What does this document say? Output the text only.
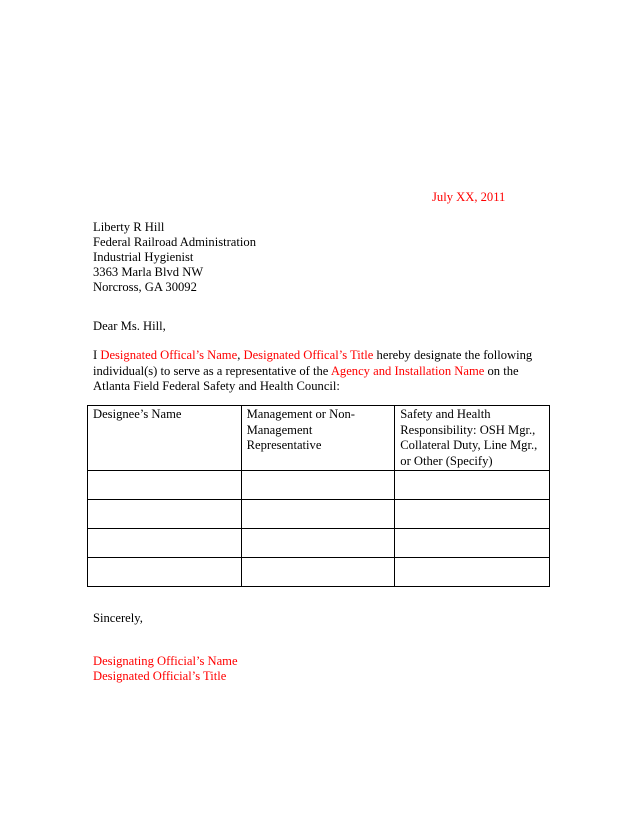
July XX, 2011
Liberty R Hill
Federal Railroad Administration
Industrial Hygienist
3363 Marla Blvd NW
Norcross, GA 30092
Dear Ms. Hill,
I Designated Offical’s Name, Designated Offical’s Title hereby designate the following individual(s) to serve as a representative of the Agency and Installation Name on the Atlanta Field Federal Safety and Health Council:
Designee’s Name	Management or Non-Management Representative	Safety and Health Responsibility: OSH Mgr., Collateral Duty, Line Mgr., or Other (Specify)

Sincerely,
Designating Official’s Name
Designated Official’s Title
